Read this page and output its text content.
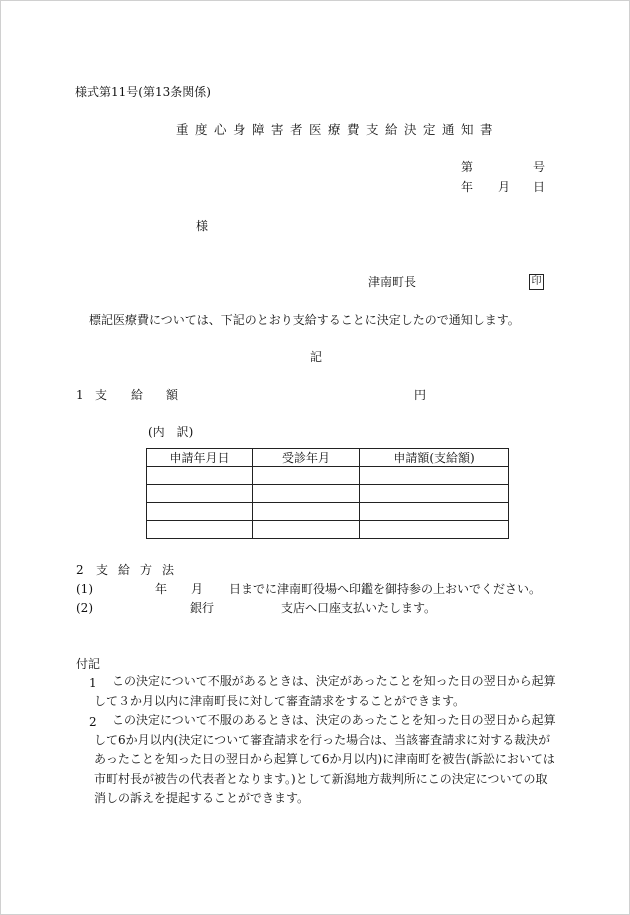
様式第11号(第13条関係)
重度心身障害者医療費支給決定通知書
第	号
年 月 日
様
津南町長	印
標記医療費については、下記のとおり支給することに決定したので通知します。
記
1 支 給 額	円
(内　訳)
申請年月日	受診年月	申請額(支給額)

2 支 給 方 法
(1)	年 月 日までに津南町役場へ印鑑を御持参の上おいでください。
(2)	銀行	支店へ口座支払いたします。
付記
1	この決定について不服があるときは、決定があったことを知った日の翌日から起算して３か月以内に津南町長に対して審査請求をすることができます。
2	この決定について不服のあるときは、決定のあったことを知った日の翌日から起算して6か月以内(決定について審査請求を行った場合は、当該審査請求に対する裁決があったことを知った日の翌日から起算して6か月以内)に津南町を被告(訴訟においては市町村長が被告の代表者となります。)として新潟地方裁判所にこの決定についての取消しの訴えを提起することができます。
